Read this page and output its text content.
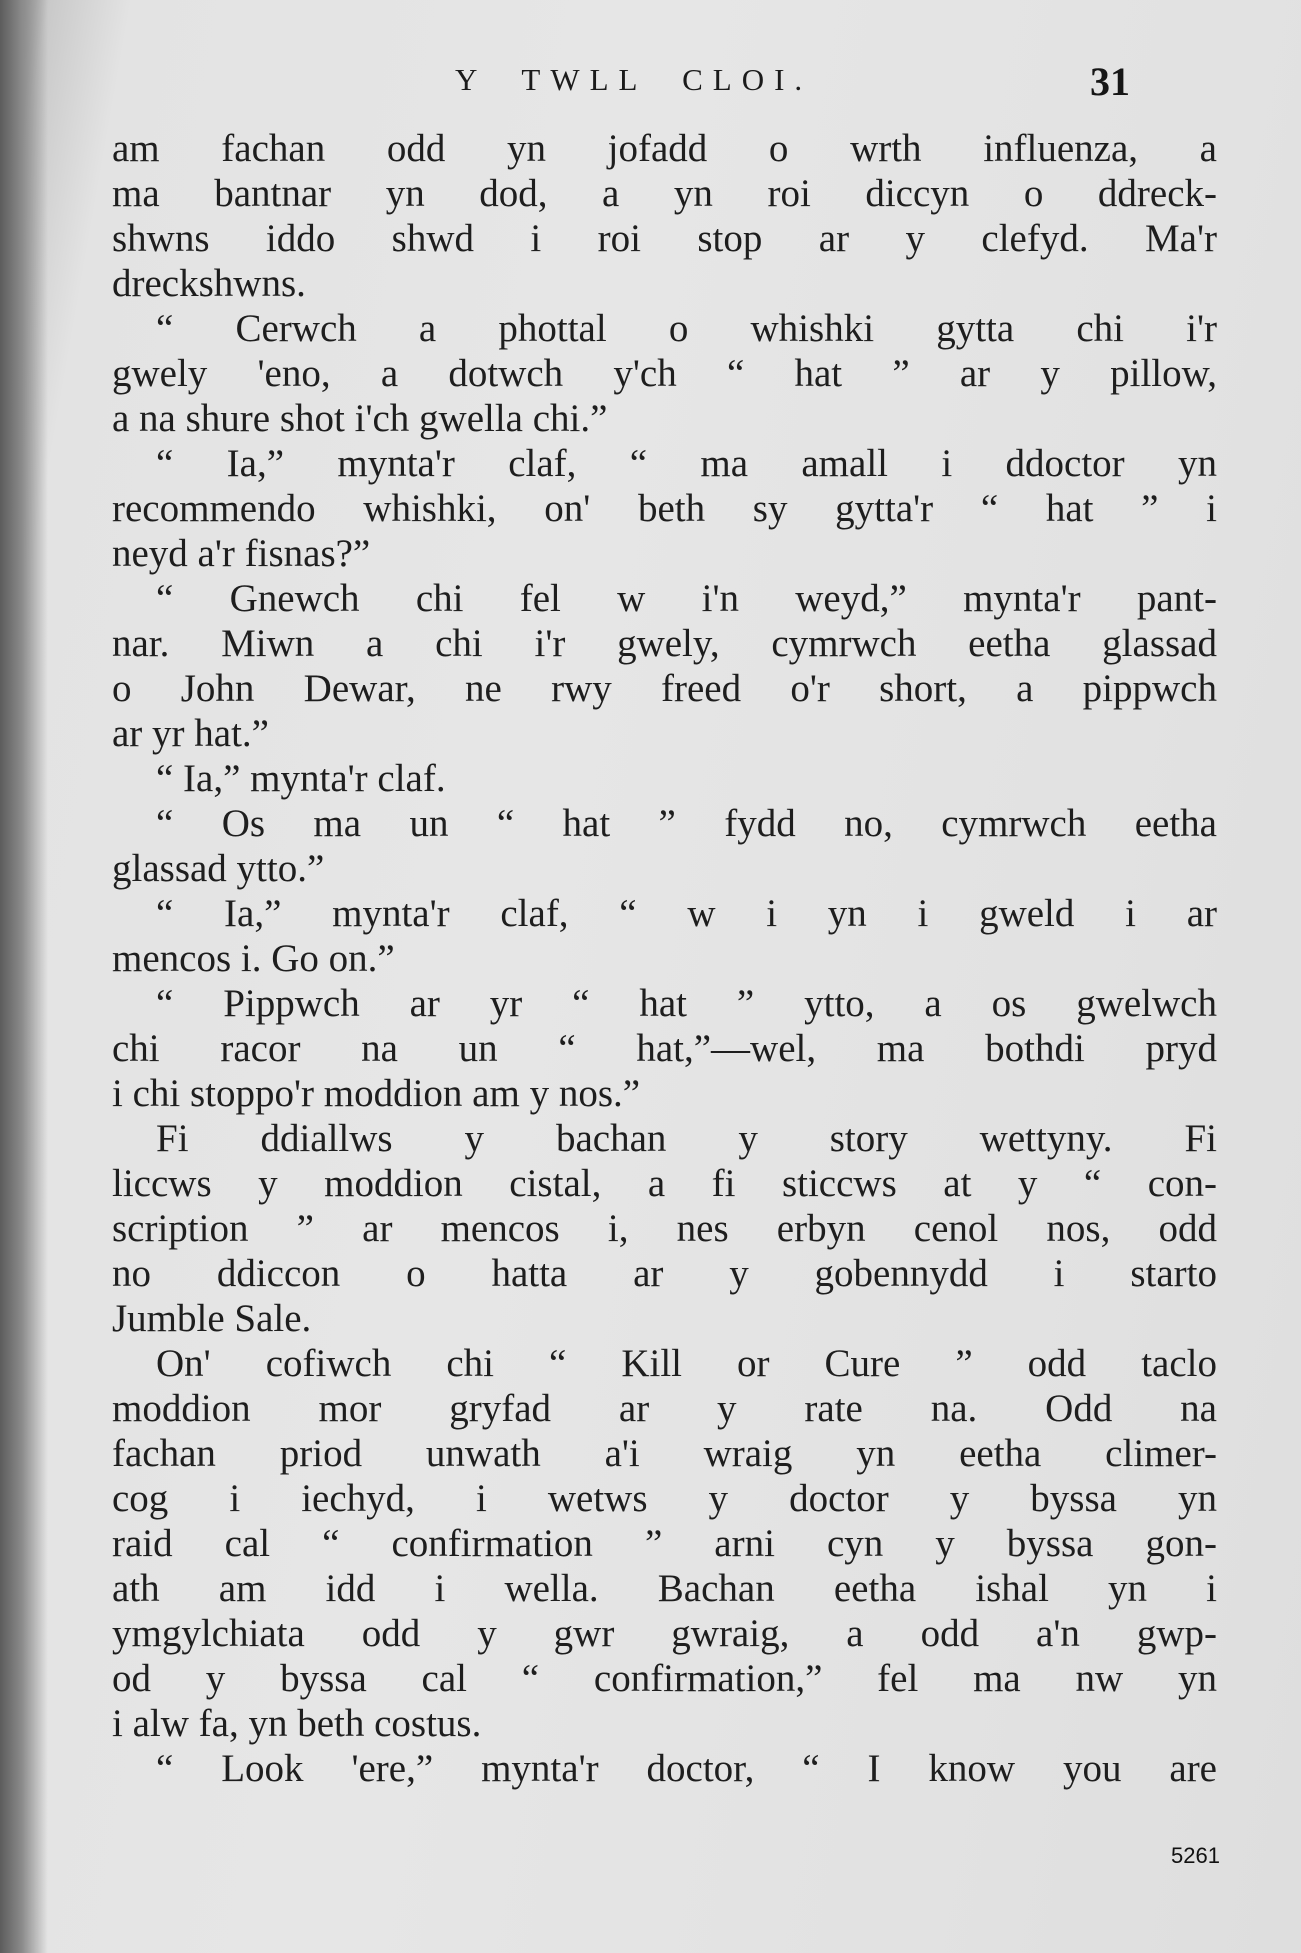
Y TWLL CLOI.	31
am fachan odd yn jofadd o wrth influenza, a
ma bantnar yn dod, a yn roi diccyn o ddreck-
shwns iddo shwd i roi stop ar y clefyd. Ma'r
dreckshwns.
“ Cerwch a phottal o whishki gytta chi i'r
gwely 'eno, a dotwch y'ch “ hat ” ar y pillow,
a na shure shot i'ch gwella chi.”
“ Ia,” mynta'r claf, “ ma amall i ddoctor yn
recommendo whishki, on' beth sy gytta'r “ hat ” i
neyd a'r fisnas?”
“ Gnewch chi fel w i'n weyd,” mynta'r pant-
nar. Miwn a chi i'r gwely, cymrwch eetha glassad
o John Dewar, ne rwy freed o'r short, a pippwch
ar yr hat.”
“ Ia,” mynta'r claf.
“ Os ma un “ hat ” fydd no, cymrwch eetha
glassad ytto.”
“ Ia,” mynta'r claf, “ w i yn i gweld i ar
mencos i. Go on.”
“ Pippwch ar yr “ hat ” ytto, a os gwelwch
chi racor na un “ hat,”—wel, ma bothdi pryd
i chi stoppo'r moddion am y nos.”
Fi ddiallws y bachan y story wettyny. Fi
liccws y moddion cistal, a fi sticcws at y “ con-
scription ” ar mencos i, nes erbyn cenol nos, odd
no ddiccon o hatta ar y gobennydd i starto
Jumble Sale.
On' cofiwch chi “ Kill or Cure ” odd taclo
moddion mor gryfad ar y rate na. Odd na
fachan priod unwath a'i wraig yn eetha climer-
cog i iechyd, i wetws y doctor y byssa yn
raid cal “ confirmation ” arni cyn y byssa gon-
ath am idd i wella. Bachan eetha ishal yn i
ymgylchiata odd y gwr gwraig, a odd a'n gwp-
od y byssa cal “ confirmation,” fel ma nw yn
i alw fa, yn beth costus.
“ Look 'ere,” mynta'r doctor, “ I know you are
5261
